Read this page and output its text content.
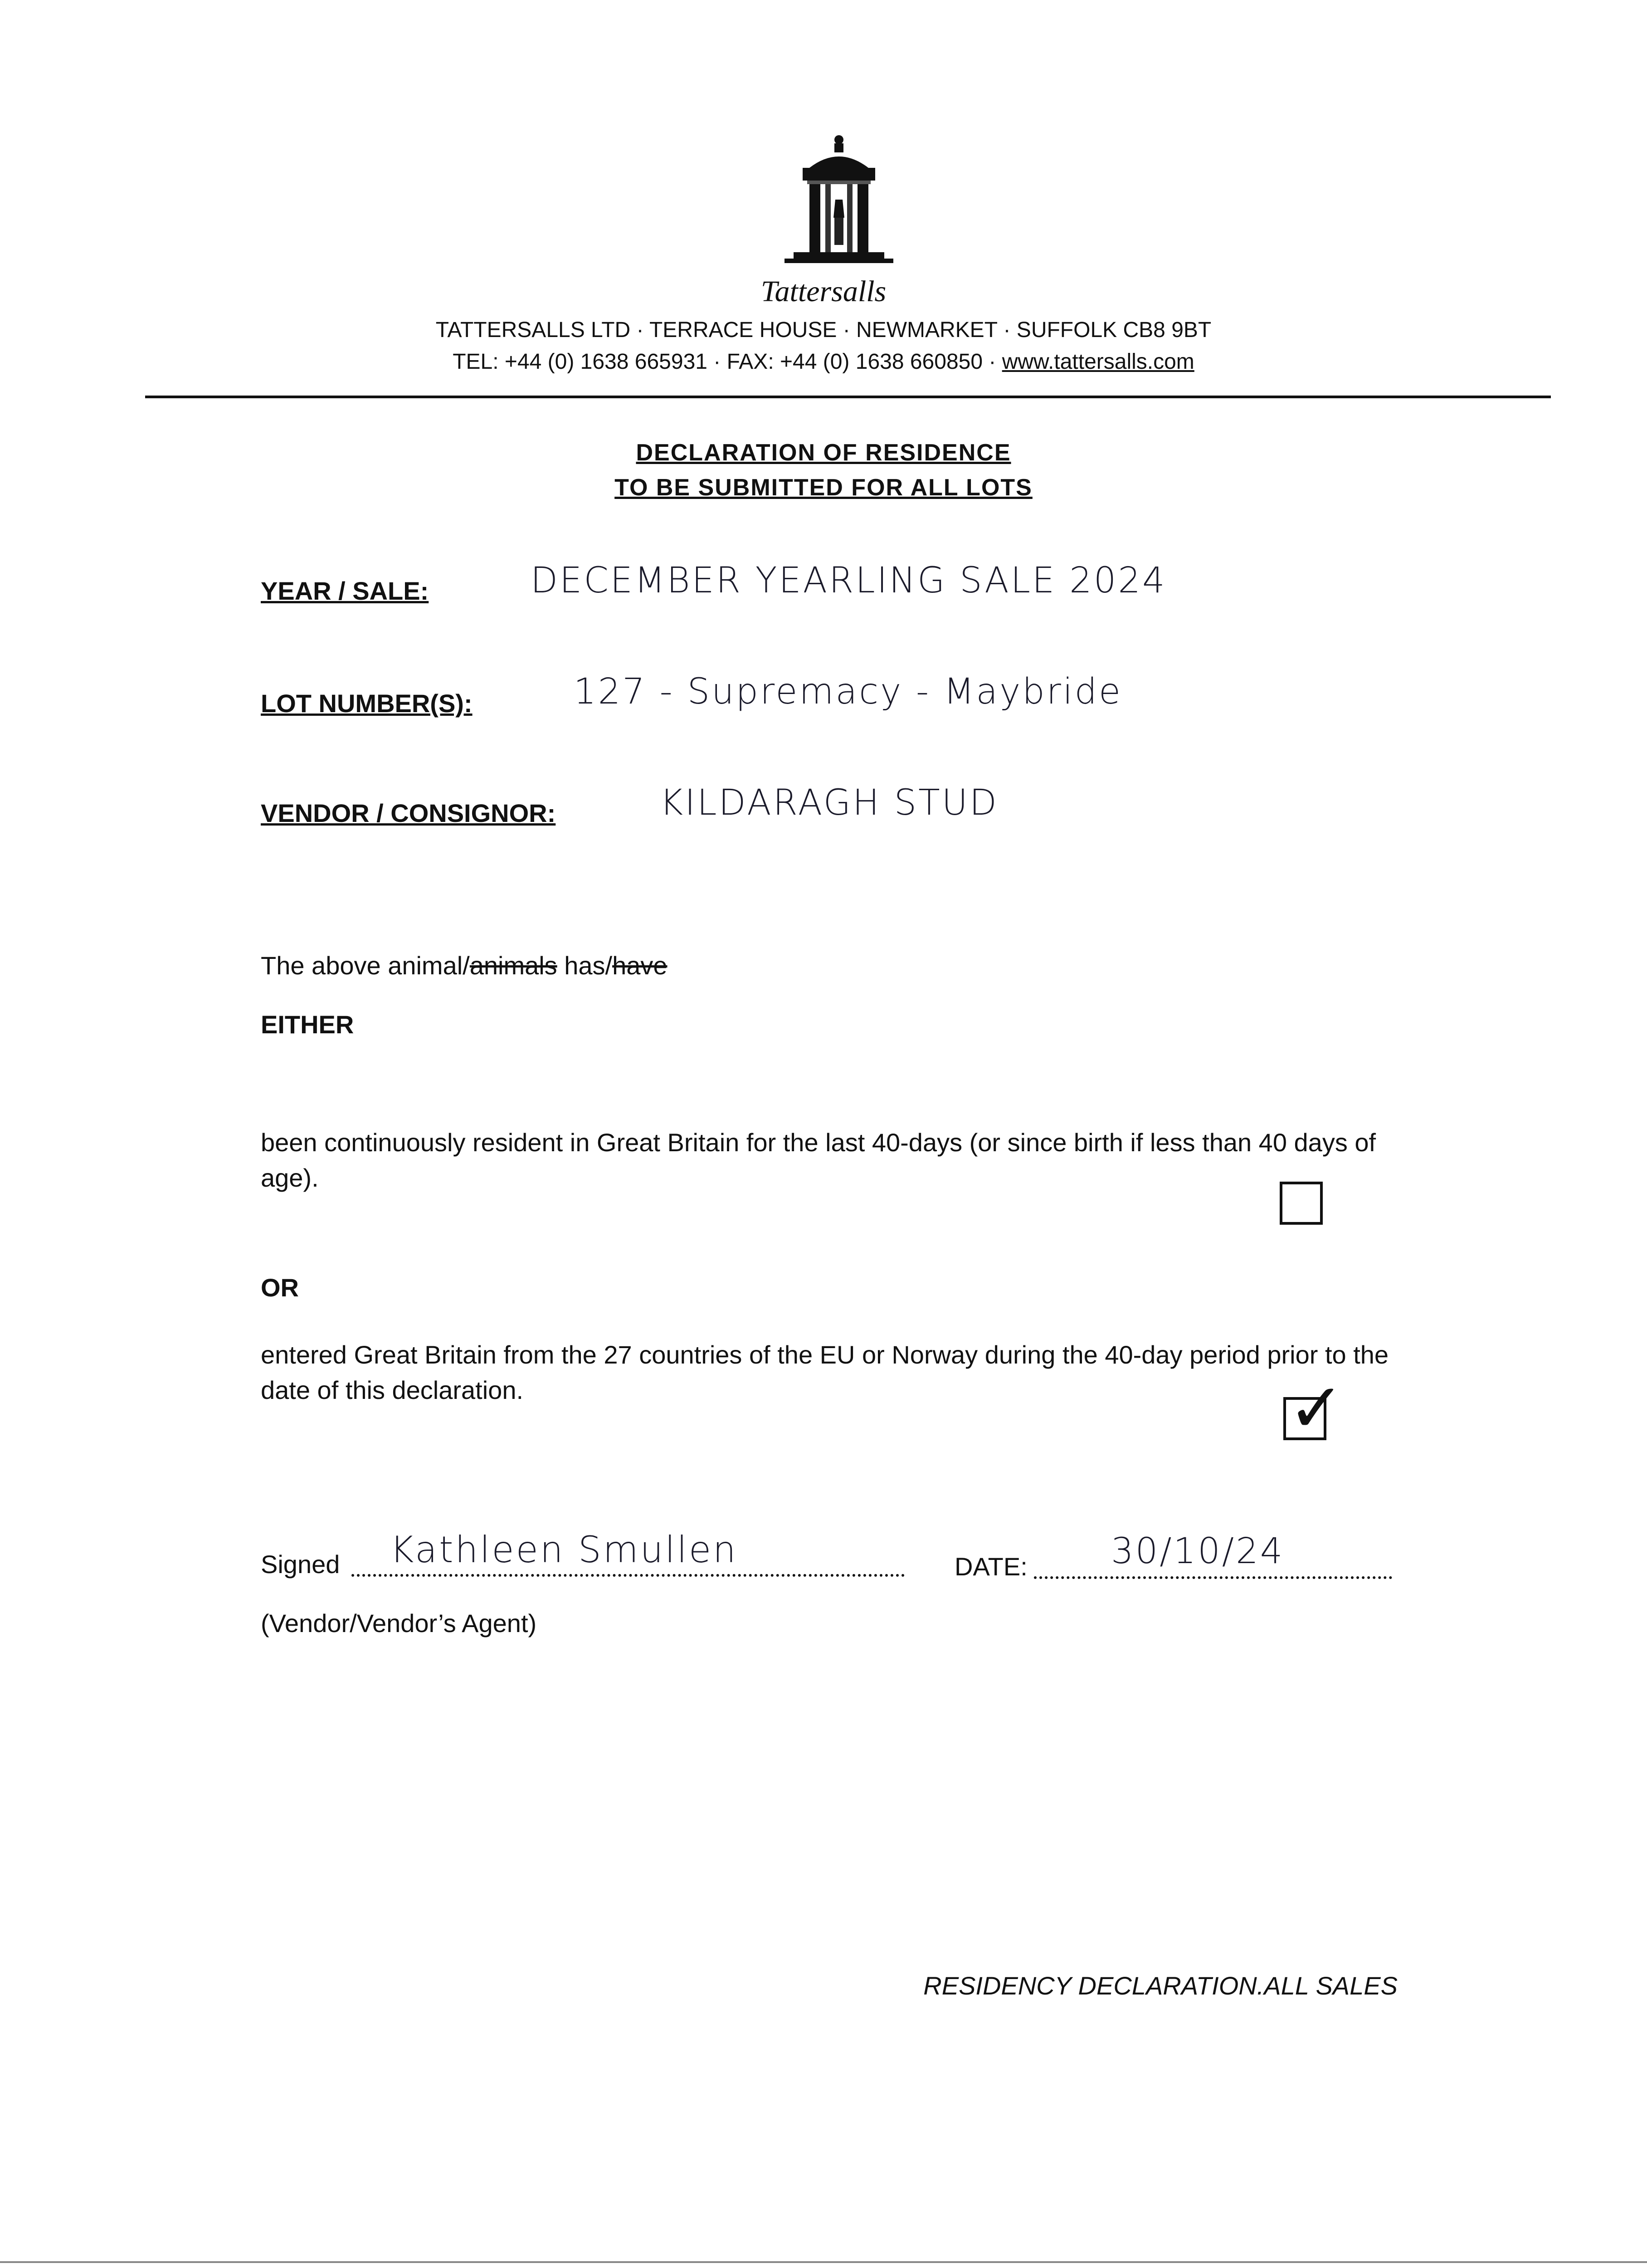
Tattersalls
TATTERSALLS LTD · TERRACE HOUSE · NEWMARKET · SUFFOLK CB8 9BT
TEL: +44 (0) 1638 665931 · FAX: +44 (0) 1638 660850 · www.tattersalls.com
DECLARATION OF RESIDENCE
TO BE SUBMITTED FOR ALL LOTS
YEAR / SALE:	DECEMBER YEARLING SALE 2024
LOT NUMBER(S):	127 - Supremacy - Maybride
VENDOR / CONSIGNOR:	KILDARAGH STUD
The above animal/animals has/have
EITHER
been continuously resident in Great Britain for the last 40-days (or since birth if less than 40 days of age).
OR
entered Great Britain from the 27 countries of the EU or Norway during the 40-day period prior to the date of this declaration.	✓
Signed Kathleen Smullen	DATE: 30/10/24
(Vendor/Vendor’s Agent)
RESIDENCY DECLARATION.ALL SALES
